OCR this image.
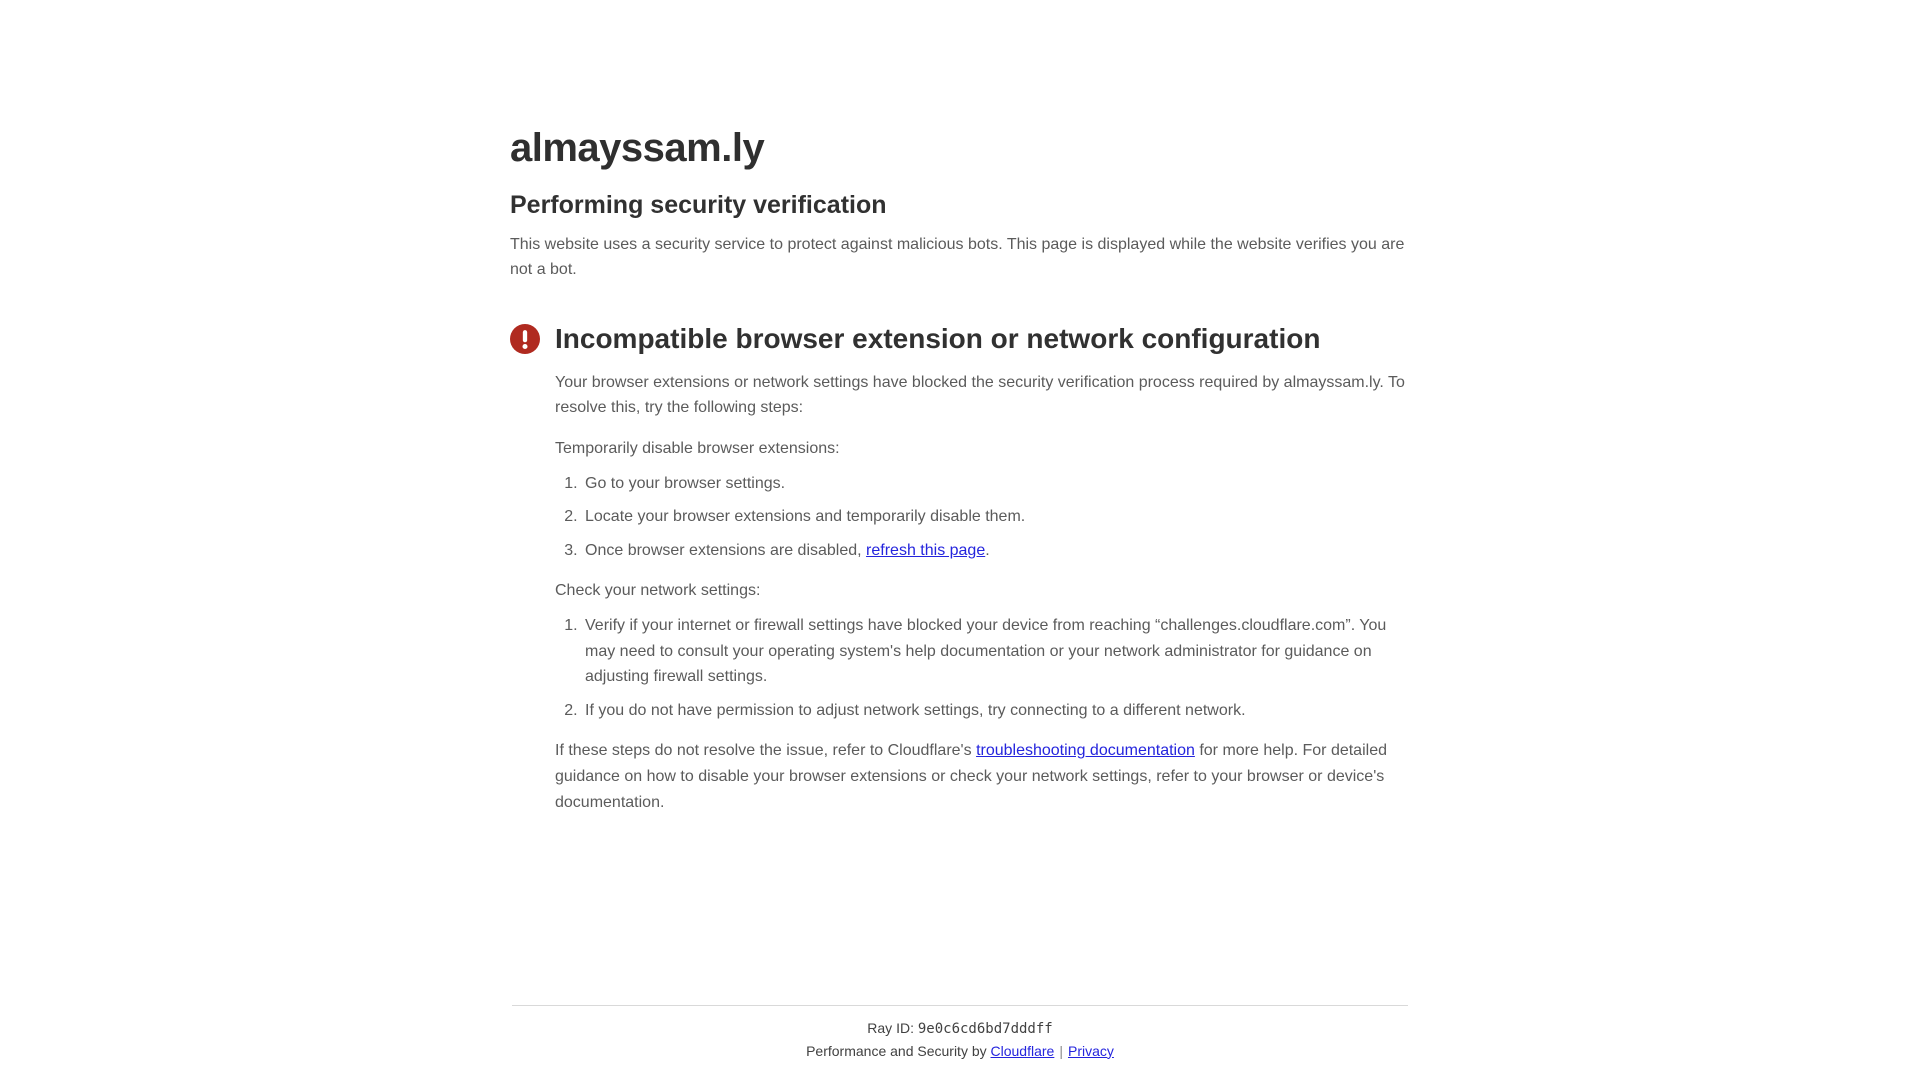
almayssam.ly
Performing security verification

This website uses a security service to protect against malicious bots. This page is displayed while the website verifies you are not a bot.

Incompatible browser extension or network configuration

Your browser extensions or network settings have blocked the security verification process required by almayssam.ly. To resolve this, try the following steps:

Temporarily disable browser extensions:

1. Go to your browser settings.
2. Locate your browser extensions and temporarily disable them.
3. Once browser extensions are disabled, refresh this page.

Check your network settings:

1. Verify if your internet or firewall settings have blocked your device from reaching “challenges.cloudflare.com”. You may need to consult your operating system's help documentation or your network administrator for guidance on adjusting firewall settings.
2. If you do not have permission to adjust network settings, try connecting to a different network.

If these steps do not resolve the issue, refer to Cloudflare's troubleshooting documentation for more help. For detailed guidance on how to disable your browser extensions or check your network settings, refer to your browser or device's documentation.

Ray ID: 9e0c6cd6bd7dddff
Performance and Security by Cloudflare | Privacy
